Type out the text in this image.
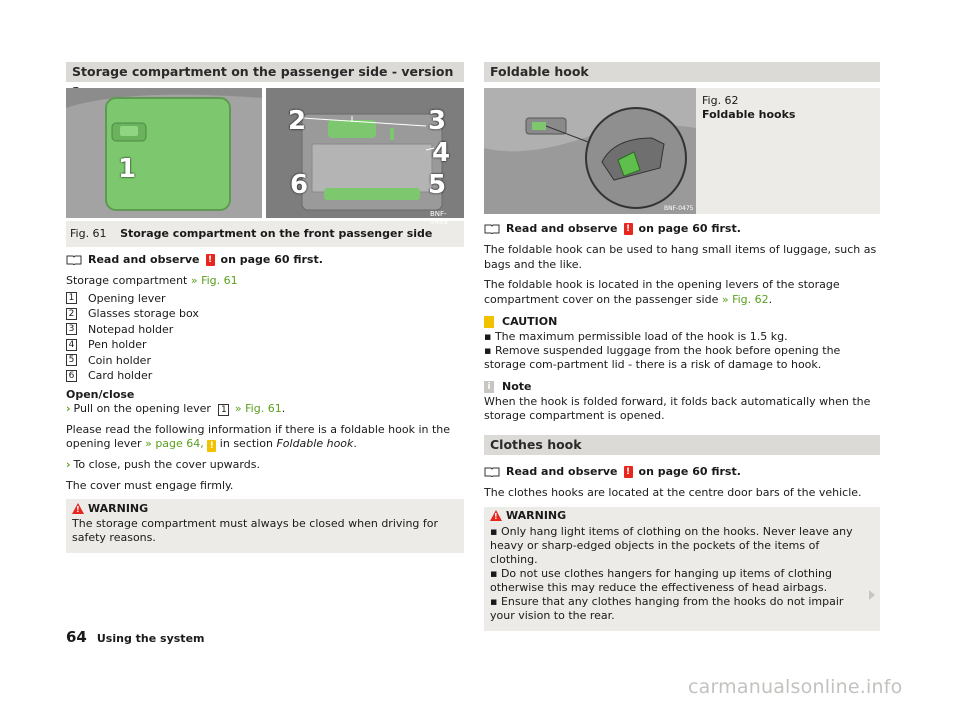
Storage compartment on the passenger side - version
1
2	3
4
5
6
BNF-0489
Fig. 61 Storage compartment on the front passenger side
Read and observe ! on page 60 first.

Storage compartment » Fig. 61

1 Opening lever
2 Glasses storage box
3 Notepad holder
4 Pen holder
5 Coin holder
6 Card holder

Open/close

› Pull on the opening lever 1 » Fig. 61.

Please read the following information if there is a foldable hook in the opening lever » page 64, ! in section Foldable hook.

› To close, push the cover upwards.

The cover must engage firmly.

! WARNING
The storage compartment must always be closed when driving for safety reasons.
Foldable hook
BNF-0475
Fig. 62
Foldable hooks
Read and observe ! on page 60 first.

The foldable hook can be used to hang small items of luggage, such as bags and the like.

The foldable hook is located in the opening levers of the storage compartment cover on the passenger side » Fig. 62.

CAUTION
▪ The maximum permissible load of the hook is 1.5 kg.
▪ Remove suspended luggage from the hook before opening the storage com-partment lid - there is a risk of damage to hook.
i	Note

When the hook is folded forward, it folds back automatically when the storage compartment is opened.

Clothes hook
Read and observe ! on page 60 first.

The clothes hooks are located at the centre door bars of the vehicle.

! WARNING
▪ Only hang light items of clothing on the hooks. Never leave any heavy or sharp-edged objects in the pockets of the items of clothing.
▪ Do not use clothes hangers for hanging up items of clothing otherwise this may reduce the effectiveness of head airbags.
▪ Ensure that any clothes hanging from the hooks do not impair your vision to the rear.
64 Using the system
carmanualsonline.info
